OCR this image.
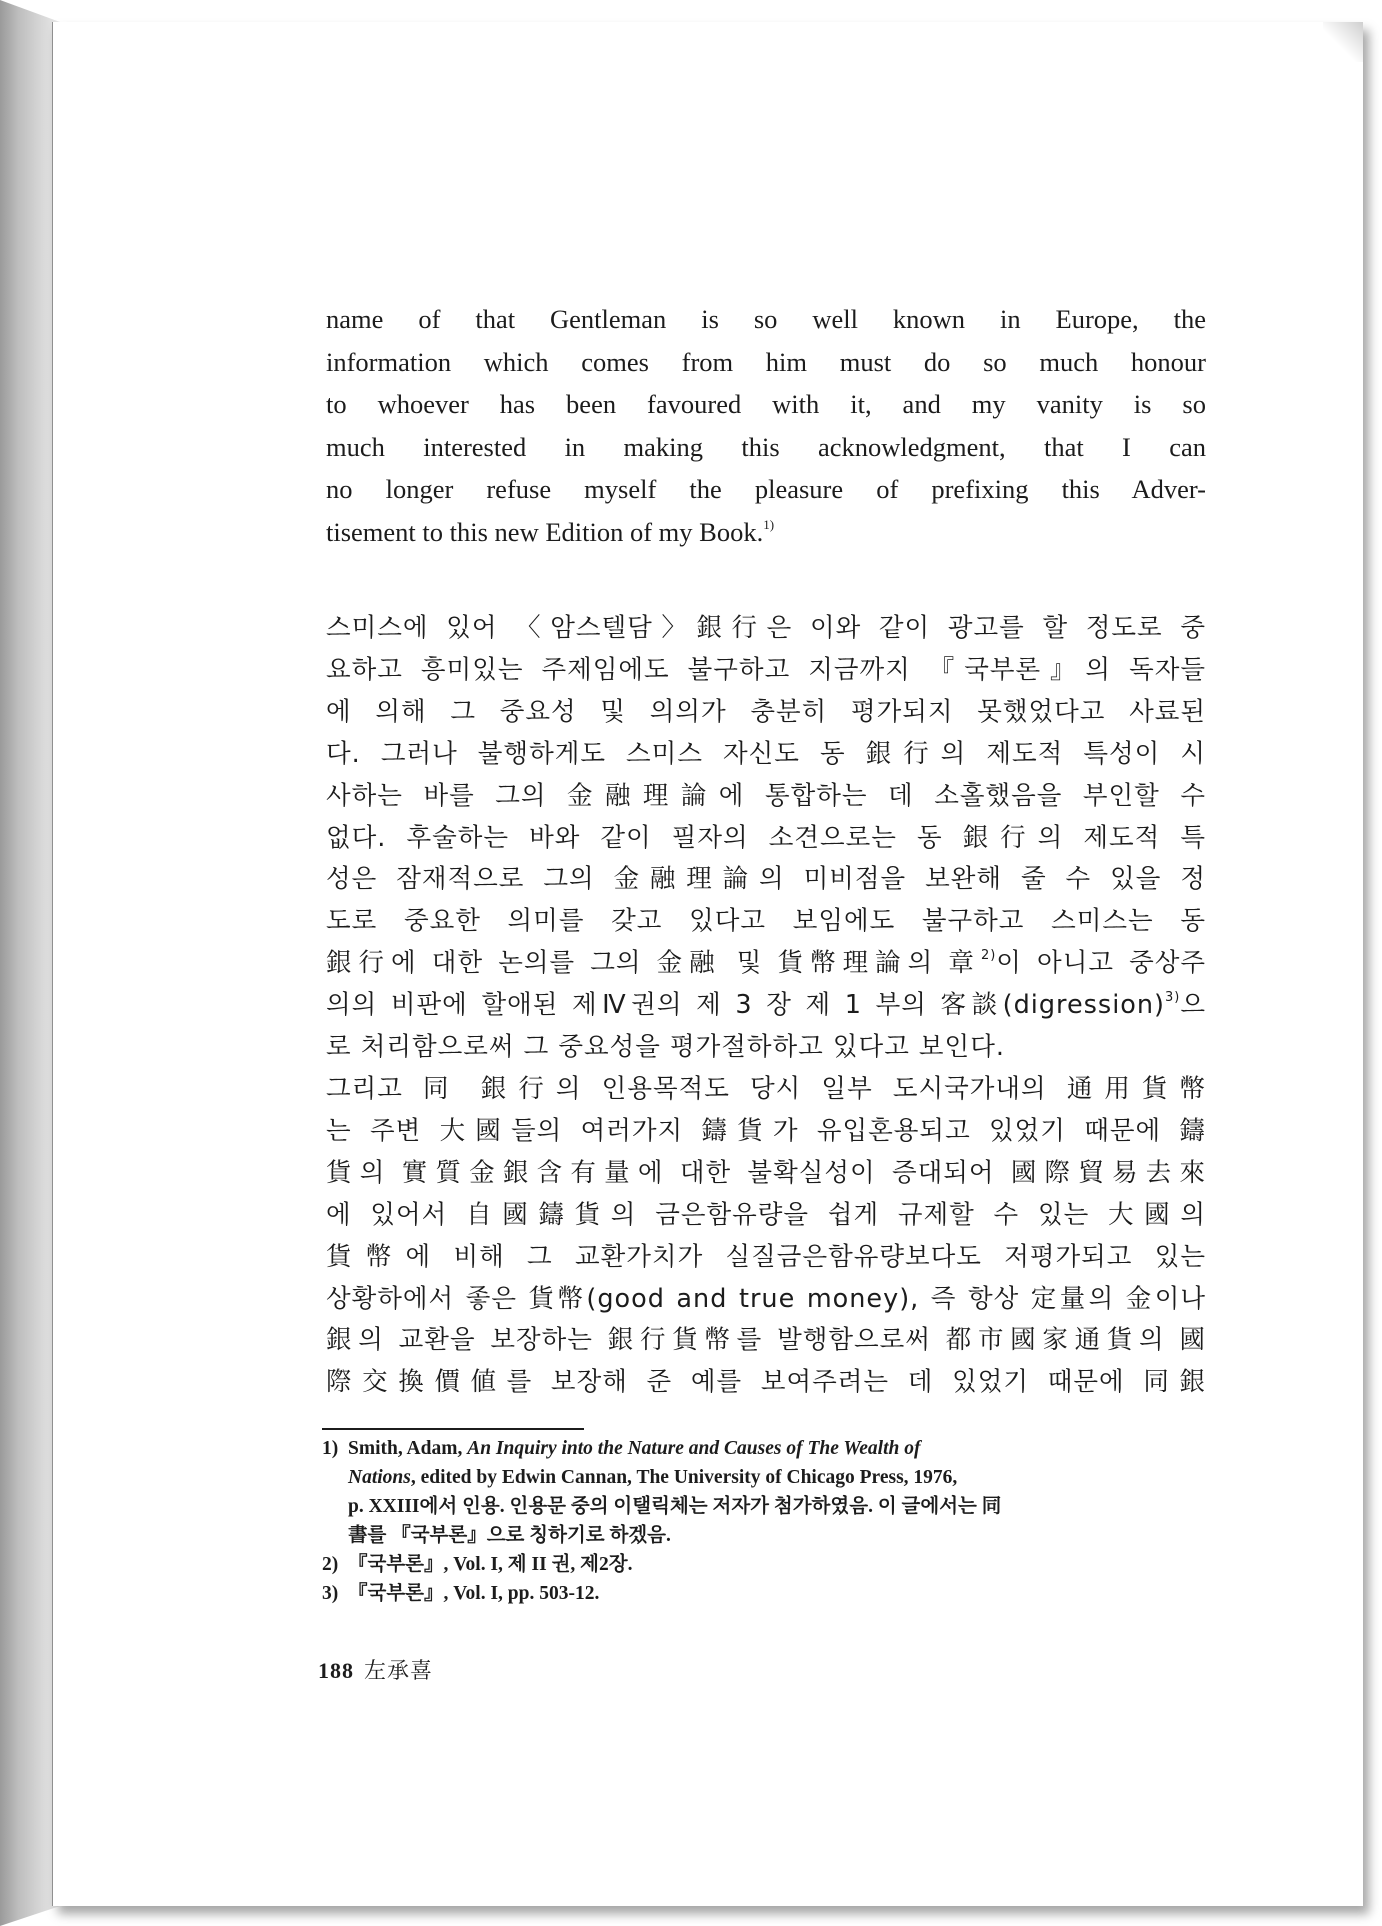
name of that Gentleman is so well known in Europe, the
information which comes from him must do so much honour
to whoever has been favoured with it, and my vanity is so
much interested in making this acknowledgment, that I can
no longer refuse myself the pleasure of prefixing this Adver-
tisement to this new Edition of my Book.$^{1)}$
스미스에 있어 〈암스텔담〉銀行은 이와 같이 광고를 할 정도로 중
요하고 흥미있는 주제임에도 불구하고 지금까지 『국부론』의 독자들
에 의해 그 중요성 및 의의가 충분히 평가되지 못했었다고 사료된
다. 그러나 불행하게도 스미스 자신도 동 銀行의 제도적 특성이 시
사하는 바를 그의 金融理論에 통합하는 데 소홀했음을 부인할 수
없다. 후술하는 바와 같이 필자의 소견으로는 동 銀行의 제도적 특
성은 잠재적으로 그의 金融理論의 미비점을 보완해 줄 수 있을 정
도로 중요한 의미를 갖고 있다고 보임에도 불구하고 스미스는 동
銀行에 대한 논의를 그의 金融 및 貨幣理論의 章$^{2)}$이 아니고 중상주
의의 비판에 할애된 제Ⅳ권의 제 3 장 제 1 부의 客談(digression)$^{3)}$으
로 처리함으로써 그 중요성을 평가절하하고 있다고 보인다.
그리고 同 銀行의 인용목적도 당시 일부 도시국가내의 通用貨幣
는 주변 大國들의 여러가지 鑄貨가 유입혼용되고 있었기 때문에 鑄
貨의 實質金銀含有量에 대한 불확실성이 증대되어 國際貿易去來
에 있어서 自國鑄貨의 금은함유량을 쉽게 규제할 수 있는 大國의
貨幣에 비해 그 교환가치가 실질금은함유량보다도 저평가되고 있는
상황하에서 좋은 貨幣(good and true money), 즉 항상 定量의 金이나
銀의 교환을 보장하는 銀行貨幣를 발행함으로써 都市國家通貨의 國
際交換價値를 보장해 준 예를 보여주려는 데 있었기 때문에 同銀
1) Smith, Adam, An Inquiry into the Nature and Causes of The Wealth of
Nations, edited by Edwin Cannan, The University of Chicago Press, 1976,
p. XXIII에서 인용. 인용문 중의 이탤릭체는 저자가 첨가하였음. 이 글에서는 同
書를 『국부론』으로 칭하기로 하겠음.
2) 『국부론』, Vol. I, 제 II 권, 제2장.
3) 『국부론』, Vol. I, pp. 503-12.
188 左承喜
